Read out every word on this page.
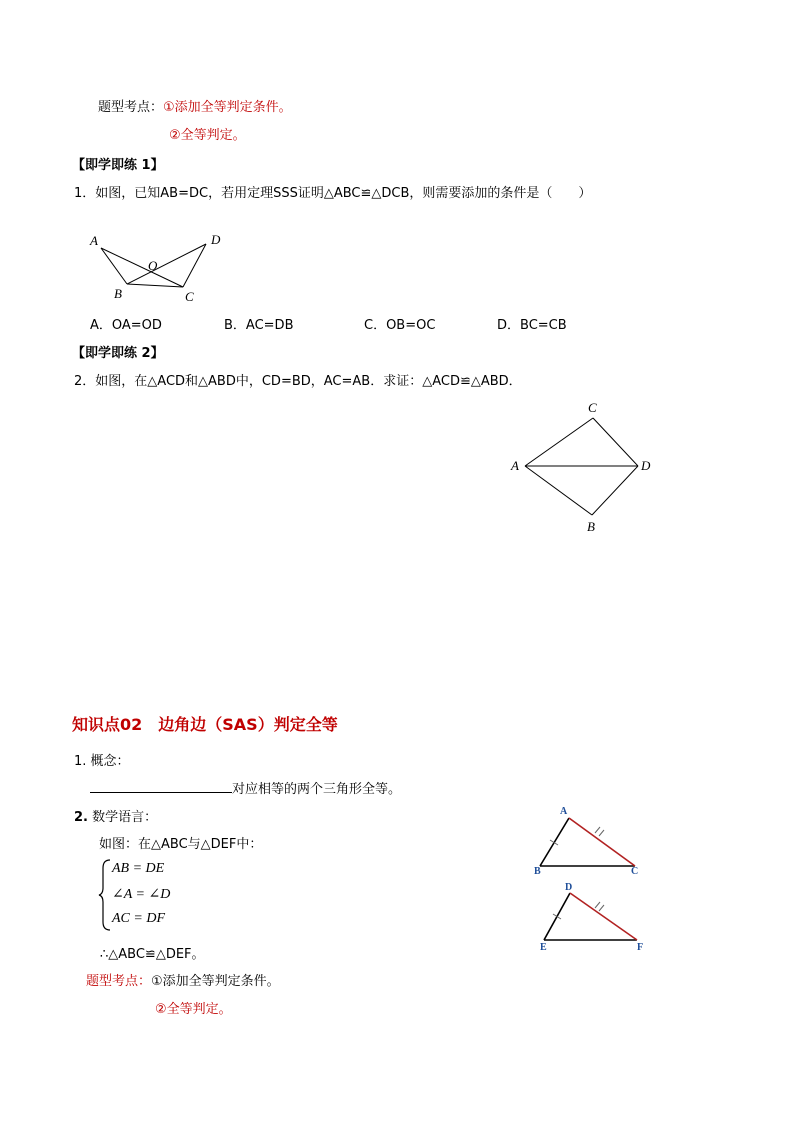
题型考点：①添加全等判定条件。
②全等判定。
【即学即练 1】
1．如图，已知AB=DC，若用定理SSS证明△ABC≌△DCB，则需要添加的条件是（　　）
A	D
O
B	C
A．OA=OD	B．AC=DB	C．OB=OC	D．BC=CB
【即学即练 2】
2．如图，在△ACD和△ABD中，CD=BD，AC=AB．求证：△ACD≌△ABD．
C
A	D
B
知识点02　边角边（SAS）判定全等
1. 概念：
对应相等的两个三角形全等。
2. 数学语言：
如图：在△ABC与△DEF中：
AB = DE
∠A = ∠D
AC = DF
∴△ABC≌△DEF。
题型考点：①添加全等判定条件。
②全等判定。
A
B	C
D
E	F
